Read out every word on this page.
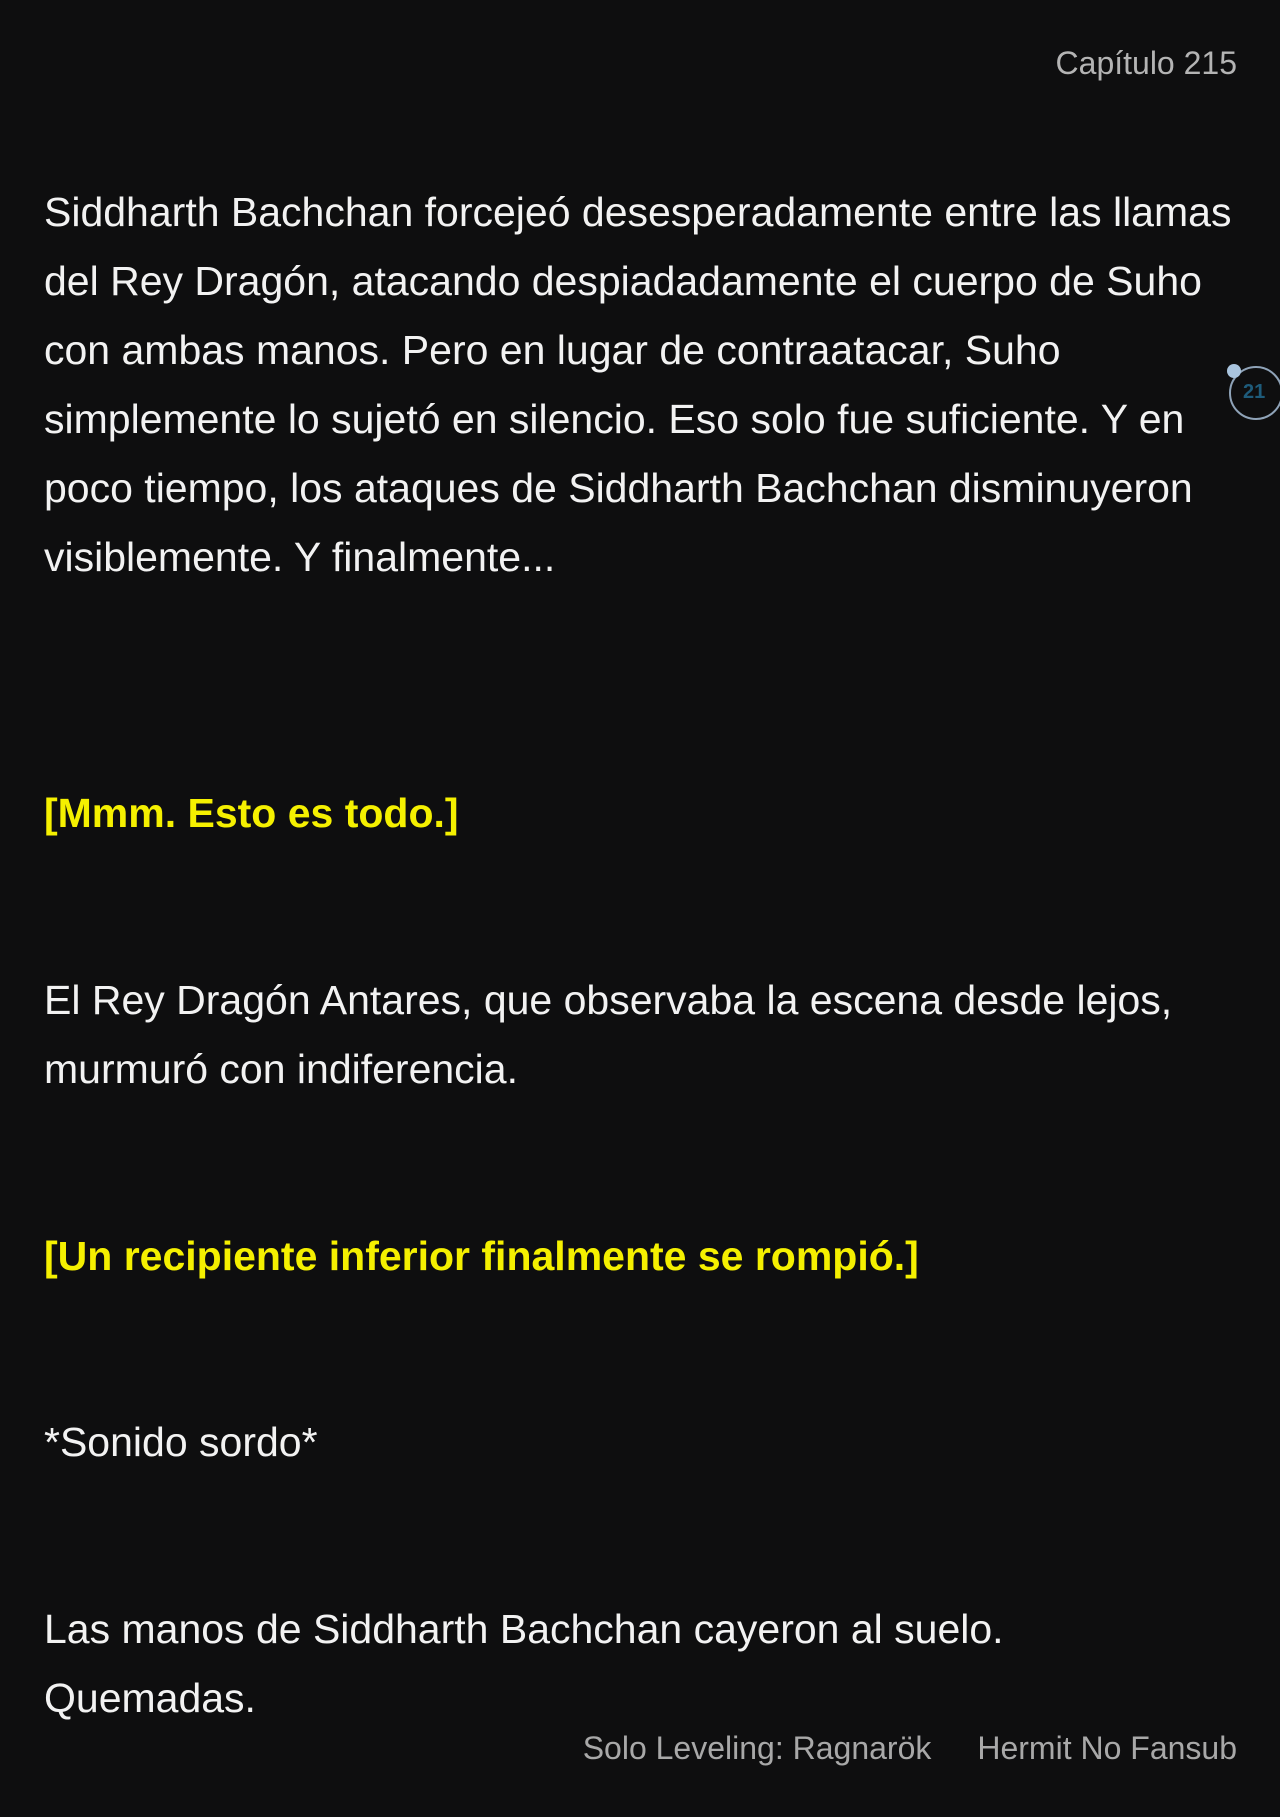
Capítulo 215

Siddharth Bachchan forcejeó desesperadamente entre las llamas del Rey Dragón, atacando despiadadamente el cuerpo de Suho con ambas manos. Pero en lugar de contraatacar, Suho simplemente lo sujetó en silencio. Eso solo fue suficiente. Y en poco tiempo, los ataques de Siddharth Bachchan disminuyeron visiblemente. Y finalmente...

[Mmm. Esto es todo.]

El Rey Dragón Antares, que observaba la escena desde lejos, murmuró con indiferencia.

[Un recipiente inferior finalmente se rompió.]

*Sonido sordo*

Las manos de Siddharth Bachchan cayeron al suelo. Quemadas.

21
Solo Leveling: Ragnarök Hermit No Fansub
